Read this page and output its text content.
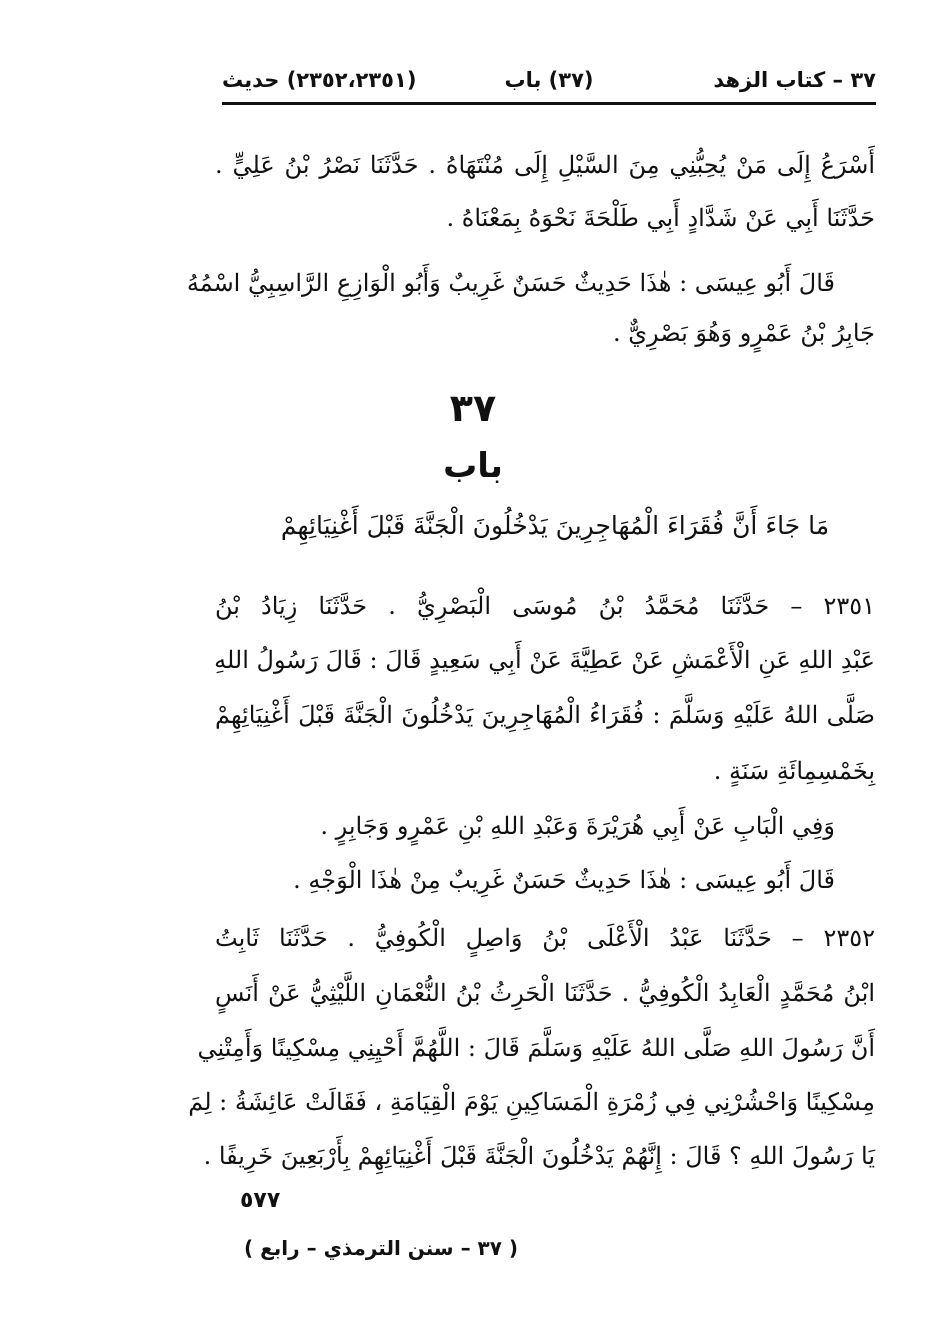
٣٧ – كتاب الزهد
(٣٧) باب
(٢٣٥٢،٢٣٥١) حديث
أَسْرَعُ إِلَى مَنْ يُحِبُّنِي مِنَ السَّيْلِ إِلَى مُنْتَهَاهُ . حَدَّثَنَا نَصْرُ بْنُ عَلِيٍّ .
حَدَّثَنَا أَبِي عَنْ شَدَّادٍ أَبِي طَلْحَةَ نَحْوَهُ بِمَعْنَاهُ .
قَالَ أَبُو عِيسَى : هٰذَا حَدِيثٌ حَسَنٌ غَرِيبٌ وَأَبُو الْوَازِعِ الرَّاسِبِيُّ اسْمُهُ
جَابِرُ بْنُ عَمْرٍو وَهُوَ بَصْرِيٌّ .
٣٧
باب
مَا جَاءَ أَنَّ فُقَرَاءَ الْمُهَاجِرِينَ يَدْخُلُونَ الْجَنَّةَ قَبْلَ أَغْنِيَائِهِمْ
٢٣٥١ – حَدَّثَنَا مُحَمَّدُ بْنُ مُوسَى الْبَصْرِيُّ . حَدَّثَنَا زِيَادُ بْنُ
عَبْدِ اللهِ عَنِ الْأَعْمَشِ عَنْ عَطِيَّةَ عَنْ أَبِي سَعِيدٍ قَالَ : قَالَ رَسُولُ اللهِ
صَلَّى اللهُ عَلَيْهِ وَسَلَّمَ : فُقَرَاءُ الْمُهَاجِرِينَ يَدْخُلُونَ الْجَنَّةَ قَبْلَ أَغْنِيَائِهِمْ
بِخَمْسِمِائَةِ سَنَةٍ .
وَفِي الْبَابِ عَنْ أَبِي هُرَيْرَةَ وَعَبْدِ اللهِ بْنِ عَمْرٍو وَجَابِرٍ .
قَالَ أَبُو عِيسَى : هٰذَا حَدِيثٌ حَسَنٌ غَرِيبٌ مِنْ هٰذَا الْوَجْهِ .
٢٣٥٢ – حَدَّثَنَا عَبْدُ الْأَعْلَى بْنُ وَاصِلٍ الْكُوفِيُّ . حَدَّثَنَا ثَابِتُ
ابْنُ مُحَمَّدٍ الْعَابِدُ الْكُوفِيُّ . حَدَّثَنَا الْحَرِثُ بْنُ النُّعْمَانِ اللَّيْثِيُّ عَنْ أَنَسٍ
أَنَّ رَسُولَ اللهِ صَلَّى اللهُ عَلَيْهِ وَسَلَّمَ قَالَ : اللَّهُمَّ أَحْيِنِي مِسْكِينًا وَأَمِتْنِي
مِسْكِينًا وَاحْشُرْنِي فِي زُمْرَةِ الْمَسَاكِينِ يَوْمَ الْقِيَامَةِ ، فَقَالَتْ عَائِشَةُ : لِمَ
يَا رَسُولَ اللهِ ؟ قَالَ : إِنَّهُمْ يَدْخُلُونَ الْجَنَّةَ قَبْلَ أَغْنِيَائِهِمْ بِأَرْبَعِينَ خَرِيفًا .
٥٧٧
( ٣٧ – سنن الترمذي – رابع )
